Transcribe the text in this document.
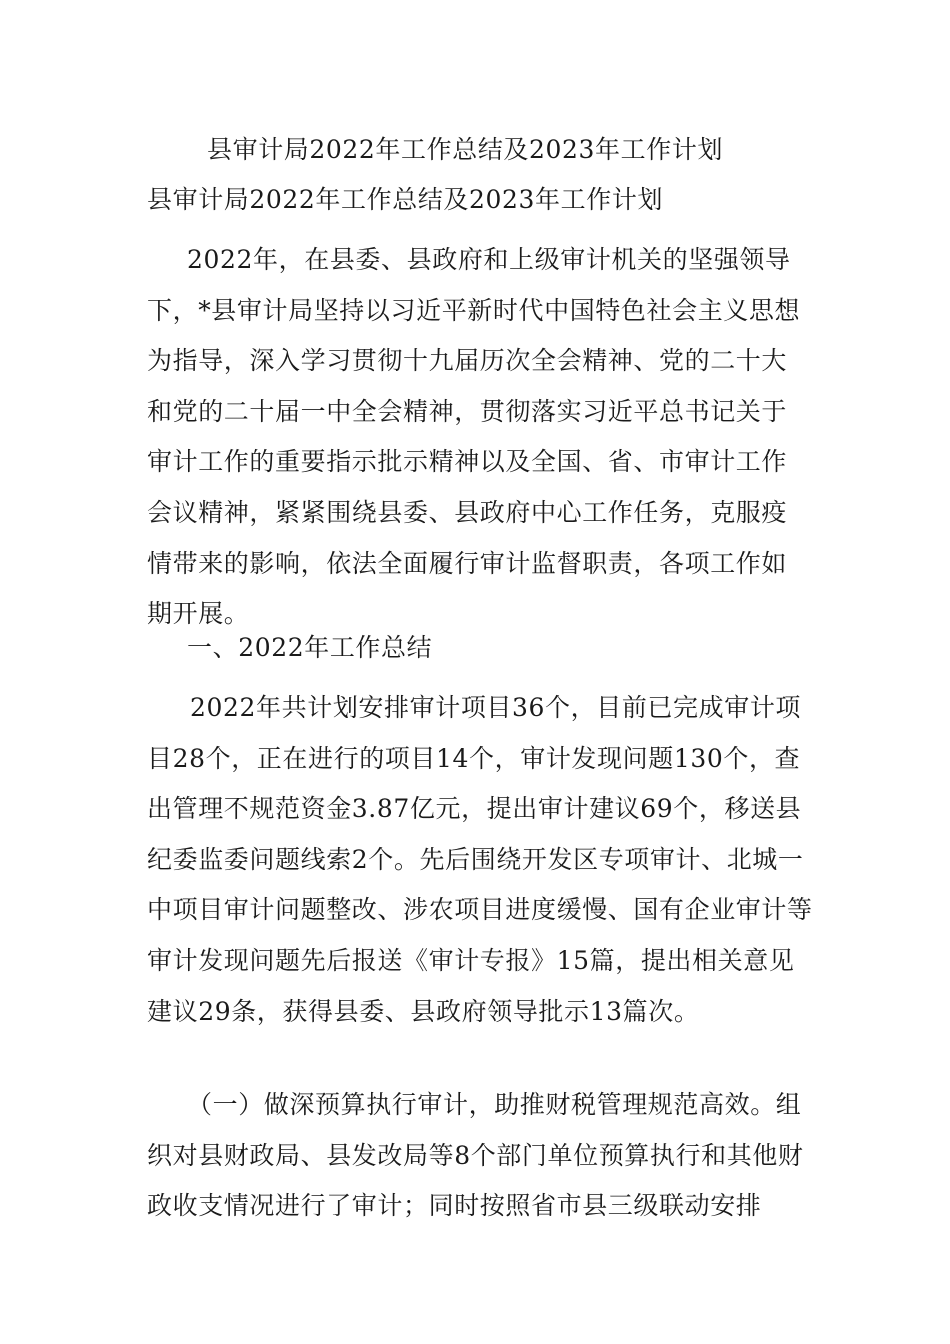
县审计局2022年工作总结及2023年工作计划
县审计局2022年工作总结及2023年工作计划
2022年，在县委、县政府和上级审计机关的坚强领导下，*县审计局坚持以习近平新时代中国特色社会主义思想为指导，深入学习贯彻十九届历次全会精神、党的二十大和党的二十届一中全会精神，贯彻落实习近平总书记关于审计工作的重要指示批示精神以及全国、省、市审计工作会议精神，紧紧围绕县委、县政府中心工作任务，克服疫情带来的影响，依法全面履行审计监督职责，各项工作如期开展。
一、2022年工作总结
2022年共计划安排审计项目36个，目前已完成审计项目28个，正在进行的项目14个，审计发现问题130个，查出管理不规范资金3.87亿元，提出审计建议69个，移送县纪委监委问题线索2个。先后围绕开发区专项审计、北城一中项目审计问题整改、涉农项目进度缓慢、国有企业审计等审计发现问题先后报送《审计专报》15篇，提出相关意见建议29条，获得县委、县政府领导批示13篇次。
（一）做深预算执行审计，助推财税管理规范高效。组织对县财政局、县发改局等8个部门单位预算执行和其他财政收支情况进行了审计；同时按照省市县三级联动安排
